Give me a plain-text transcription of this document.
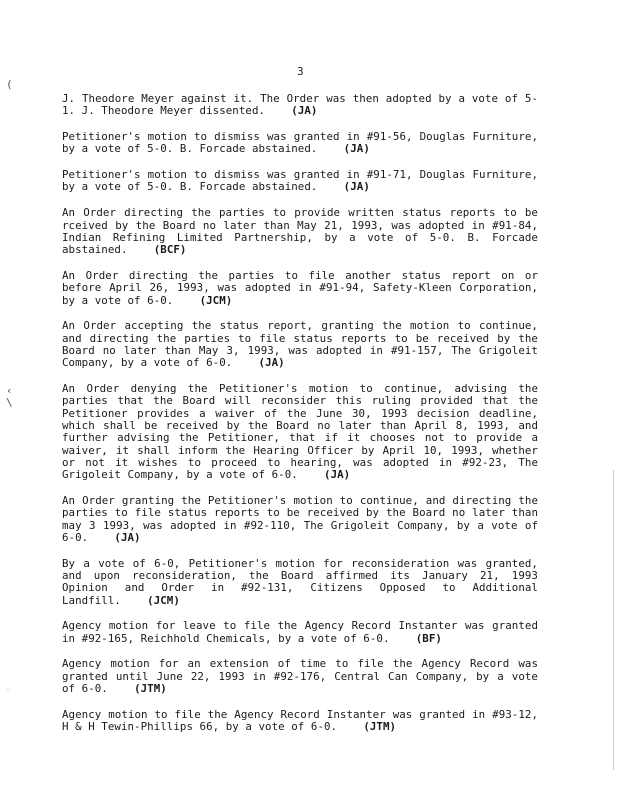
(
‹
\
⁘

3

J. Theodore Meyer against it. The Order was then adopted by a vote of 5-1. J. Theodore Meyer dissented. (JA)

Petitioner's motion to dismiss was granted in #91-56, Douglas Furniture, by a vote of 5-0. B. Forcade abstained. (JA)

Petitioner's motion to dismiss was granted in #91-71, Douglas Furniture, by a vote of 5-0. B. Forcade abstained. (JA)

An Order directing the parties to provide written status reports to be rceived by the Board no later than May 21, 1993, was adopted in #91-84, Indian Refining Limited Partnership, by a vote of 5-0. B. Forcade abstained. (BCF)

An Order directing the parties to file another status report on or before April 26, 1993, was adopted in #91-94, Safety-Kleen Corporation, by a vote of 6-0. (JCM)

An Order accepting the status report, granting the motion to continue, and directing the parties to file status reports to be received by the Board no later than May 3, 1993, was adopted in #91-157, The Grigoleit Company, by a vote of 6-0. (JA)

An Order denying the Petitioner's motion to continue, advising the parties that the Board will reconsider this ruling provided that the Petitioner provides a waiver of the June 30, 1993 decision deadline, which shall be received by the Board no later than April 8, 1993, and further advising the Petitioner, that if it chooses not to provide a waiver, it shall inform the Hearing Officer by April 10, 1993, whether or not it wishes to proceed to hearing, was adopted in #92-23, The Grigoleit Company, by a vote of 6-0. (JA)

An Order granting the Petitioner's motion to continue, and directing the parties to file status reports to be received by the Board no later than may 3 1993, was adopted in #92-110, The Grigoleit Company, by a vote of 6-0. (JA)

By a vote of 6-0, Petitioner's motion for reconsideration was granted, and upon reconsideration, the Board affirmed its January 21, 1993 Opinion and Order in #92-131, Citizens Opposed to Additional Landfill. (JCM)

Agency motion for leave to file the Agency Record Instanter was granted in #92-165, Reichhold Chemicals, by a vote of 6-0. (BF)

Agency motion for an extension of time to file the Agency Record was granted until June 22, 1993 in #92-176, Central Can Company, by a vote of 6-0. (JTM)

Agency motion to file the Agency Record Instanter was granted in #93-12, H & H Tewin-Phillips 66, by a vote of 6-0. (JTM)
